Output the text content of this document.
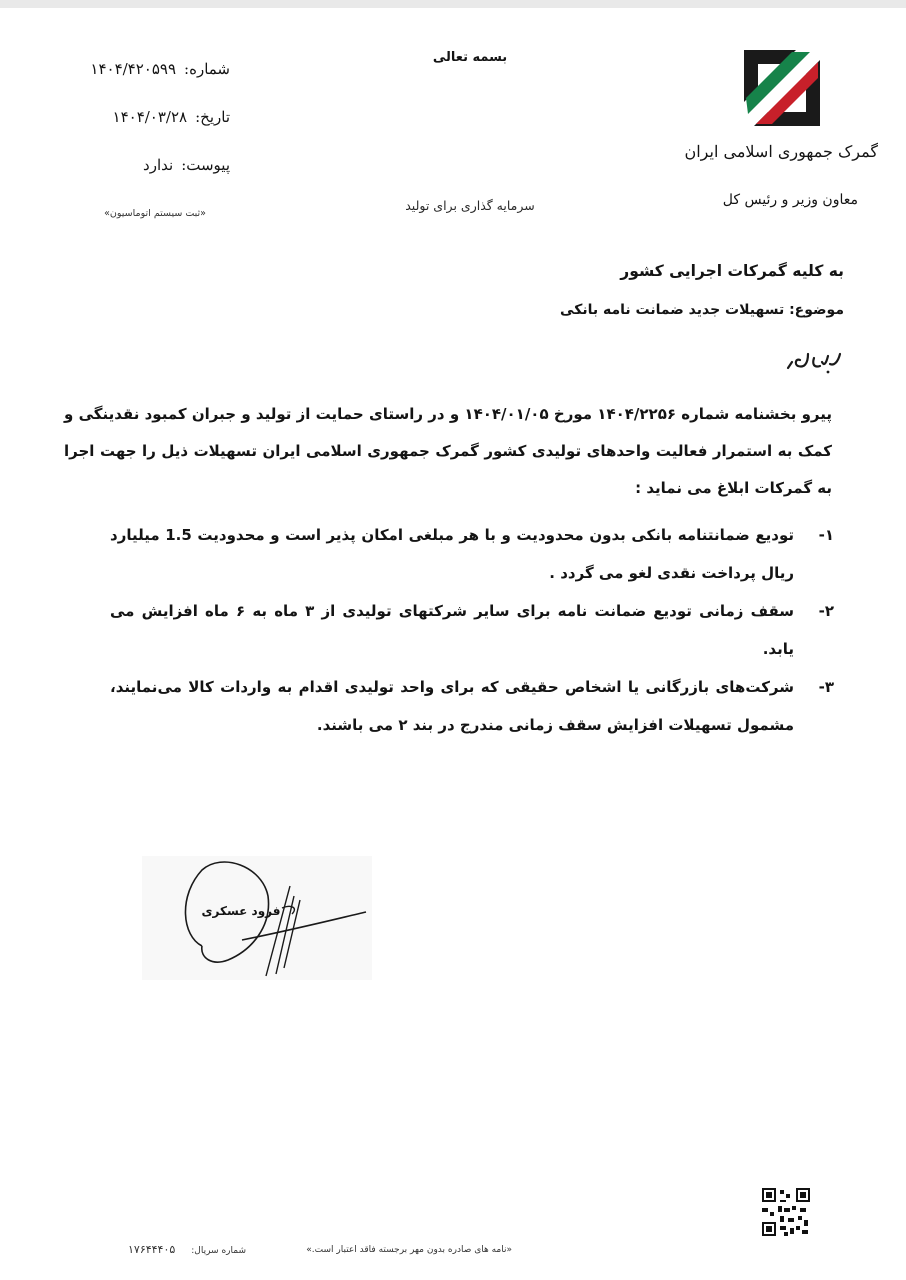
گمرک جمهوری اسلامی ایران
معاون وزیر و رئیس کل
بسمه تعالی
سرمایه گذاری برای تولید
شماره:۱۴۰۴/۴۲۰۵۹۹
تاریخ:۱۴۰۴/۰۳/۲۸
پیوست:ندارد
«ثبت سیستم اتوماسیون»
به کلیه گمرکات اجرایی کشور
موضوع: تسهیلات جدید ضمانت نامه بانکی
پیرو بخشنامه شماره ۱۴۰۴/۲۲۵۶ مورخ ۱۴۰۴/۰۱/۰۵ و در راستای حمایت از تولید و جبران کمبود نقدینگی و کمک به استمرار فعالیت واحدهای تولیدی کشور گمرک جمهوری اسلامی ایران تسهیلات ذیل را جهت اجرا به گمرکات ابلاغ می نماید :
۱-
توديع ضمانتنامه بانکی بدون محدودیت و با هر مبلغی امکان پذیر است و محدودیت 1.5 میلیارد ریال پرداخت نقدی لغو می گردد .
۲-
سقف زمانی توديع ضمانت نامه برای سایر شرکتهای تولیدی از ۳ ماه به ۶ ماه افزایش می یابد.
۳-
شرکت‌های بازرگانی یا اشخاص حقیقی که برای واحد تولیدی اقدام به واردات کالا می‌نمایند، مشمول تسهیلات افزایش سقف زمانی مندرج در بند ۲ می باشند.
فرود عسکری
«نامه های صادره بدون مهر برجسته فاقد اعتبار است.»
شماره سریال:۱۷۶۴۴۴۰۵
